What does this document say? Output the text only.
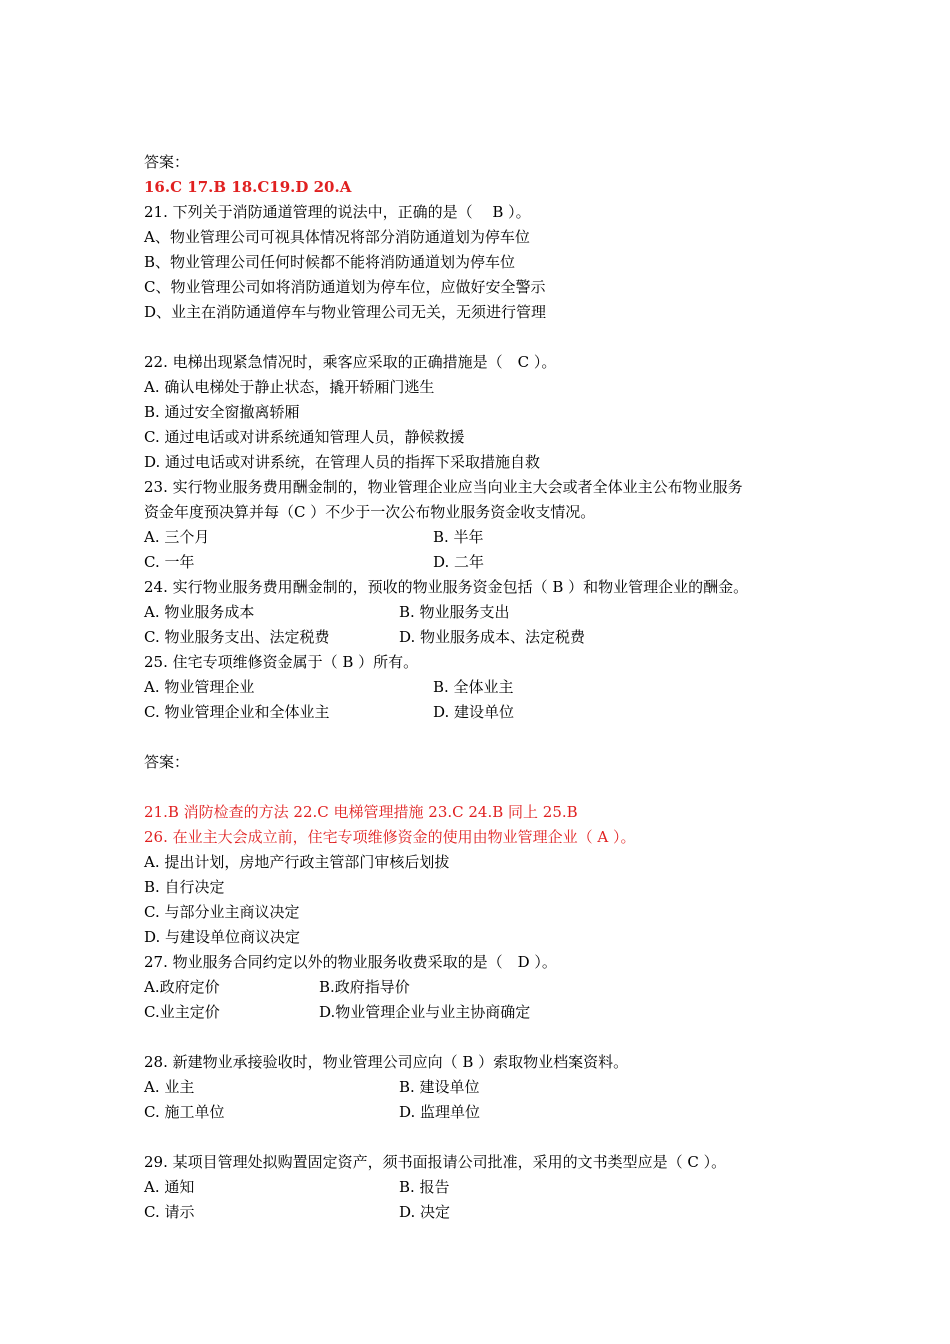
答案：
16.C 17.B 18.C19.D 20.A
21. 下列关于消防通道管理的说法中，正确的是（　 B ）。
A、物业管理公司可视具体情况将部分消防通道划为停车位
B、物业管理公司任何时候都不能将消防通道划为停车位
C、物业管理公司如将消防通道划为停车位，应做好安全警示
D、业主在消防通道停车与物业管理公司无关，无须进行管理
22. 电梯出现紧急情况时，乘客应采取的正确措施是（　C ）。
A. 确认电梯处于静止状态，撬开轿厢门逃生
B. 通过安全窗撤离轿厢
C. 通过电话或对讲系统通知管理人员，静候救援
D. 通过电话或对讲系统，在管理人员的指挥下采取措施自救
23. 实行物业服务费用酬金制的，物业管理企业应当向业主大会或者全体业主公布物业服务
资金年度预决算并每（C ）不少于一次公布物业服务资金收支情况。
A. 三个月	B. 半年
C. 一年	D. 二年
24. 实行物业服务费用酬金制的，预收的物业服务资金包括（ B ）和物业管理企业的酬金。
A. 物业服务成本	B. 物业服务支出
C. 物业服务支出、法定税费	D. 物业服务成本、法定税费
25. 住宅专项维修资金属于（ B ）所有。
A. 物业管理企业	B. 全体业主
C. 物业管理企业和全体业主	D. 建设单位
答案：
21.B 消防检查的方法 22.C 电梯管理措施 23.C 24.B 同上 25.B
26. 在业主大会成立前，住宅专项维修资金的使用由物业管理企业（ A ）。
A. 提出计划，房地产行政主管部门审核后划拔
B. 自行决定
C. 与部分业主商议决定
D. 与建设单位商议决定
27. 物业服务合同约定以外的物业服务收费采取的是（　D ）。
A.政府定价	B.政府指导价
C.业主定价	D.物业管理企业与业主协商确定
28. 新建物业承接验收时，物业管理公司应向（ B ）索取物业档案资料。
A. 业主	B. 建设单位
C. 施工单位	D. 监理单位
29. 某项目管理处拟购置固定资产，须书面报请公司批准，采用的文书类型应是（ C ）。
A. 通知	B. 报告
C. 请示	D. 决定
